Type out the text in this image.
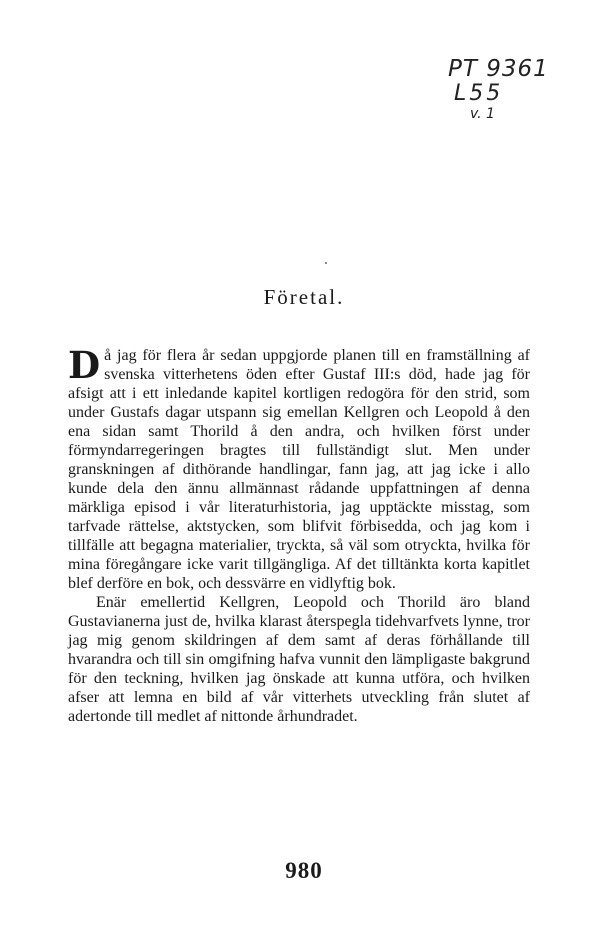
PT 9361
L55
v. 1
Företal.

Då jag för flera år sedan uppgjorde planen till en framställning af svenska vitterhetens öden efter Gustaf III:s död, hade jag för afsigt att i ett inledande kapitel kortligen redogöra för den strid, som under Gustafs dagar utspann sig emellan Kellgren och Leopold å den ena sidan samt Thorild å den andra, och hvilken först under förmyndarregeringen bragtes till fullständigt slut. Men under granskningen af dithörande handlingar, fann jag, att jag icke i allo kunde dela den ännu allmännast rådande uppfattningen af denna märkliga episod i vår literaturhistoria, jag upptäckte misstag, som tarfvade rättelse, aktstycken, som blifvit förbisedda, och jag kom i tillfälle att begagna materialier, tryckta, så väl som otryckta, hvilka för mina föregångare icke varit tillgängliga. Af det tilltänkta korta kapitlet blef derföre en bok, och dessvärre en vidlyftig bok.

Enär emellertid Kellgren, Leopold och Thorild äro bland Gustavianerna just de, hvilka klarast återspegla tidehvarfvets lynne, tror jag mig genom skildringen af dem samt af deras förhållande till hvarandra och till sin omgifning hafva vunnit den lämpligaste bakgrund för den teckning, hvilken jag önskade att kunna utföra, och hvilken afser att lemna en bild af vår vitterhets utveckling från slutet af adertonde till medlet af nittonde århundradet.

980
